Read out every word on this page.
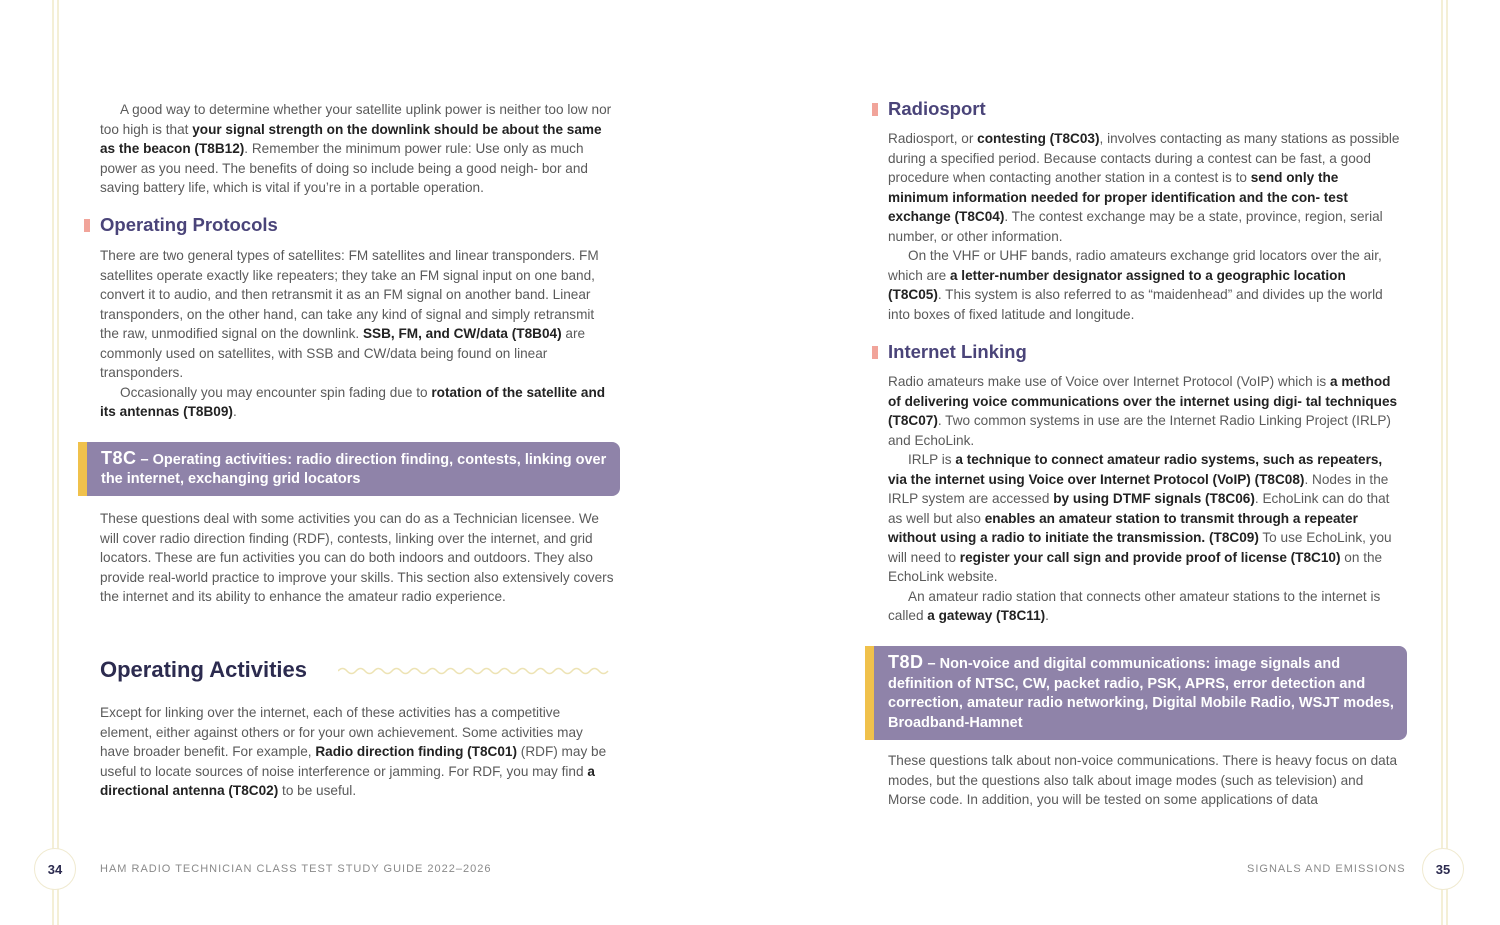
A good way to determine whether your satellite uplink power is neither too low nor too high is that your signal strength on the downlink should be about the same as the beacon (T8B12). Remember the minimum power rule: Use only as much power as you need. The benefits of doing so include being a good neigh- bor and saving battery life, which is vital if you’re in a portable operation.

Operating Protocols

There are two general types of satellites: FM satellites and linear transponders. FM satellites operate exactly like repeaters; they take an FM signal input on one band, convert it to audio, and then retransmit it as an FM signal on another band. Linear transponders, on the other hand, can take any kind of signal and simply retransmit the raw, unmodified signal on the downlink. SSB, FM, and CW/data (T8B04) are commonly used on satellites, with SSB and CW/data being found on linear transponders.

Occasionally you may encounter spin fading due to rotation of the satellite and its antennas (T8B09).

T8C – Operating activities: radio direction finding, contests, linking over the internet, exchanging grid locators

These questions deal with some activities you can do as a Technician licensee. We will cover radio direction finding (RDF), contests, linking over the internet, and grid locators. These are fun activities you can do both indoors and outdoors. They also provide real-world practice to improve your skills. This section also extensively covers the internet and its ability to enhance the amateur radio experience.

Operating Activities

Except for linking over the internet, each of these activities has a competitive element, either against others or for your own achievement. Some activities may have broader benefit. For example, Radio direction finding (T8C01) (RDF) may be useful to locate sources of noise interference or jamming. For RDF, you may find a directional antenna (T8C02) to be useful.

34	HAM RADIO TECHNICIAN CLASS TEST STUDY GUIDE 2022–2026
Radiosport

Radiosport, or contesting (T8C03), involves contacting as many stations as possible during a specified period. Because contacts during a contest can be fast, a good procedure when contacting another station in a contest is to send only the minimum information needed for proper identification and the con- test exchange (T8C04). The contest exchange may be a state, province, region, serial number, or other information.

On the VHF or UHF bands, radio amateurs exchange grid locators over the air, which are a letter-number designator assigned to a geographic location (T8C05). This system is also referred to as “maidenhead” and divides up the world into boxes of fixed latitude and longitude.

Internet Linking

Radio amateurs make use of Voice over Internet Protocol (VoIP) which is a method of delivering voice communications over the internet using digi- tal techniques (T8C07). Two common systems in use are the Internet Radio Linking Project (IRLP) and EchoLink.

IRLP is a technique to connect amateur radio systems, such as repeaters, via the internet using Voice over Internet Protocol (VoIP) (T8C08). Nodes in the IRLP system are accessed by using DTMF signals (T8C06). EchoLink can do that as well but also enables an amateur station to transmit through a repeater without using a radio to initiate the transmission. (T8C09) To use EchoLink, you will need to register your call sign and provide proof of license (T8C10) on the EchoLink website.

An amateur radio station that connects other amateur stations to the internet is called a gateway (T8C11).

T8D – Non-voice and digital communications: image signals and definition of NTSC, CW, packet radio, PSK, APRS, error detection and correction, amateur radio networking, Digital Mobile Radio, WSJT modes, Broadband-Hamnet

These questions talk about non-voice communications. There is heavy focus on data modes, but the questions also talk about image modes (such as television) and Morse code. In addition, you will be tested on some applications of data

SIGNALS AND EMISSIONS	35
